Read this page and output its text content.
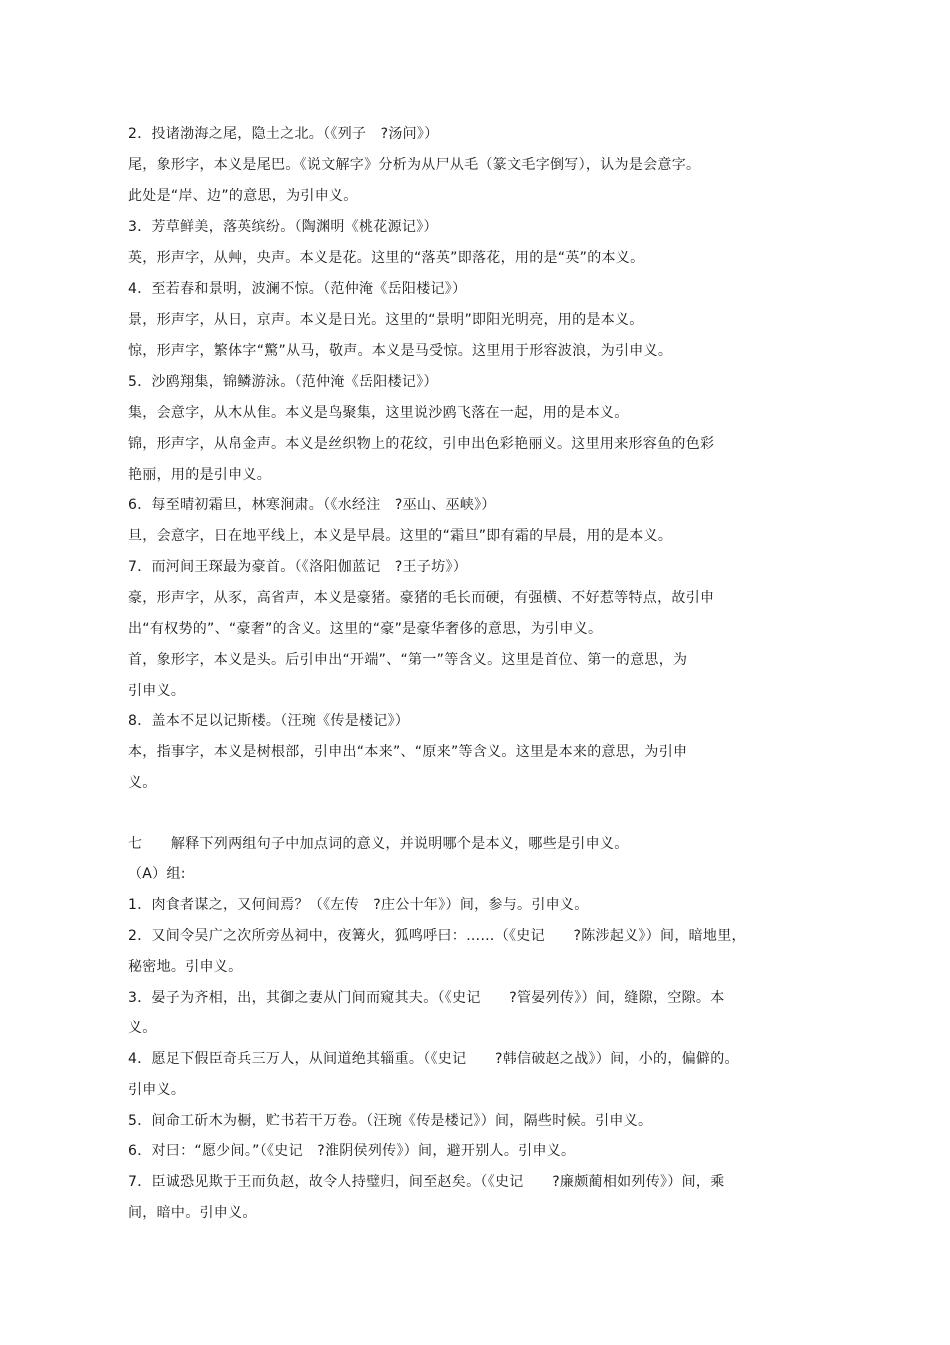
2．投诸渤海之尾，隐土之北。（《列子　?汤问》）
尾，象形字，本义是尾巴。《说文解字》分析为从尸从毛（篆文毛字倒写），认为是会意字。
此处是“岸、边”的意思，为引申义。
3．芳草鲜美，落英缤纷。（陶渊明《桃花源记》）
英，形声字，从艸，央声。本义是花。这里的“落英”即落花，用的是“英”的本义。
4．至若春和景明，波澜不惊。（范仲淹《岳阳楼记》）
景，形声字，从日，京声。本义是日光。这里的“景明”即阳光明亮，用的是本义。
惊，形声字，繁体字“驚”从马，敬声。本义是马受惊。这里用于形容波浪，为引申义。
5．沙鸥翔集，锦鳞游泳。（范仲淹《岳阳楼记》）
集，会意字，从木从隹。本义是鸟聚集，这里说沙鸥飞落在一起，用的是本义。
锦，形声字，从帛金声。本义是丝织物上的花纹，引申出色彩艳丽义。这里用来形容鱼的色彩
艳丽，用的是引申义。
6．每至晴初霜旦，林寒涧肃。（《水经注　?巫山、巫峡》）
旦，会意字，日在地平线上，本义是早晨。这里的“霜旦”即有霜的早晨，用的是本义。
7．而河间王琛最为豪首。（《洛阳伽蓝记　?王子坊》）
豪，形声字，从豕，高省声，本义是豪猪。豪猪的毛长而硬，有强横、不好惹等特点，故引申
出“有权势的”、“豪奢”的含义。这里的“豪”是豪华奢侈的意思，为引申义。
首，象形字，本义是头。后引申出“开端”、“第一”等含义。这里是首位、第一的意思，为
引申义。
8．盖本不足以记斯楼。（汪琬《传是楼记》）
本，指事字，本义是树根部，引申出“本来”、“原来”等含义。这里是本来的意思，为引申
义。
七　　解释下列两组句子中加点词的意义，并说明哪个是本义，哪些是引申义。
（A）组:
1．肉食者谋之，又何间焉？（《左传　?庄公十年》）间，参与。引申义。
2．又间令吴广之次所旁丛祠中，夜篝火，狐鸣呼曰：……（《史记　　?陈涉起义》）间，暗地里，
秘密地。引申义。
3．晏子为齐相，出，其御之妻从门间而窥其夫。（《史记　　?管晏列传》）间，缝隙，空隙。本
义。
4．愿足下假臣奇兵三万人，从间道绝其辎重。（《史记　　?韩信破赵之战》）间，小的，偏僻的。
引申义。
5．间命工斫木为橱，贮书若干万卷。（汪琬《传是楼记》）间，隔些时候。引申义。
6．对曰：“愿少间。”（《史记　?淮阴侯列传》）间，避开别人。引申义。
7．臣诚恐见欺于王而负赵，故令人持璧归，间至赵矣。（《史记　　?廉颇蔺相如列传》）间，乘
间，暗中。引申义。
